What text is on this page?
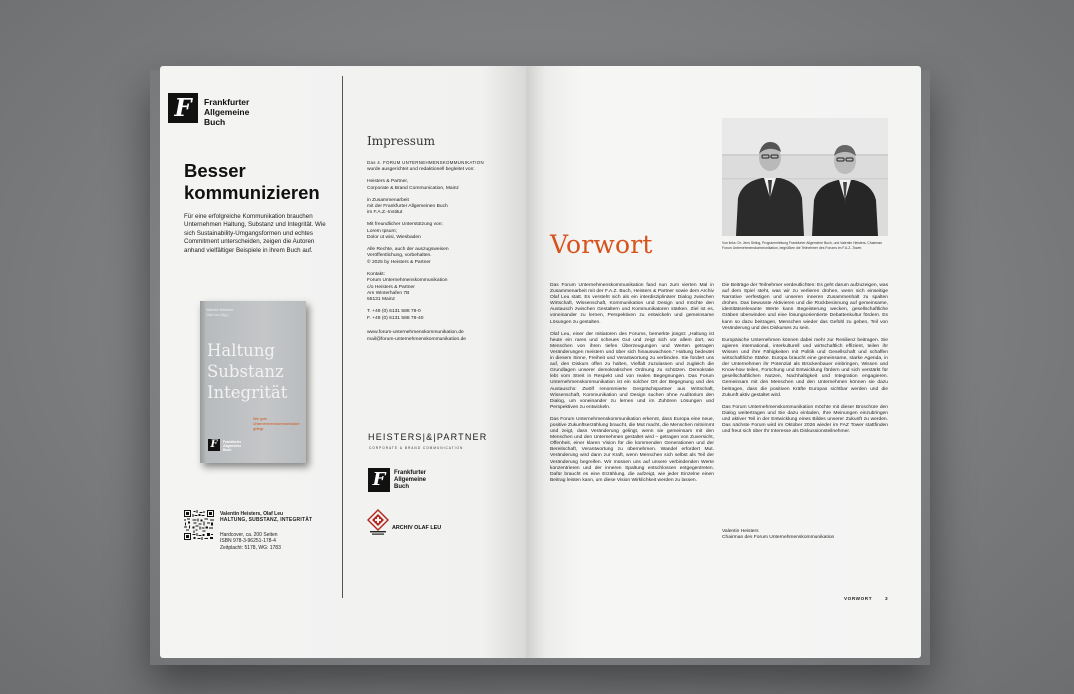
F	Frankfurter
Allgemeine
Buch
Besser
kommunizieren
Für eine erfolgreiche Kommunikation brauchen Unternehmen Haltung, Substanz und Integrität. Wie sich Sustainability-Umgangsformen und echtes Commitment unterscheiden, zeigen die Autoren anhand vielfältiger Beispiele in ihrem Buch auf.
Valentin Heisters
Olaf Leu (Hg.)
Haltung
Substanz
Integrität
Wie gute Unternehmenskommunikation gelingt
F	Frankfurter
Allgemeine
Buch
Valentin Heisters, Olaf Leu
HALTUNG, SUBSTANZ, INTEGRITÄT
Hardcover, ca. 200 Seiten
ISBN 978-3-96251-178-4
Zeitplacht: 5178, WG: 1783
Impressum

Das 4. FORUM UNTERNEHMENSKOMMUNIKATION
wurde ausgerichtet und redaktionell begleitet von:

Heisters & Partner,
Corporate & Brand Communication, Mainz

in Zusammenarbeit
mit der Frankfurter Allgemeinen Buch
im F.A.Z.-Institut

Mit freundlicher Unterstützung von:
Lorem Ipsum;
Dolor ut wisi, Wiesbaden

Alle Rechte, auch der auszugsweisen
Veröffentlichung, vorbehalten.
© 2025 by Heisters & Partner

Kontakt:
Forum Unternehmenskommunikation
c/o Heisters & Partner
Am Winterhafen 7B
55131 Mainz

T. +49 (0) 6131 588 78-0
F. +49 (0) 6131 588 78-40

www.forum-unternehmenskommunikation.de
mail@forum-unternehmenskommunikation.de

HEISTERS|&|PARTNER
CORPORATE & BRAND COMMUNICATION
F	Frankfurter
Allgemeine
Buch
ARCHIV OLAF LEU
Von links: Dr. Jens Seling, Programmleitung Frankfurter Allgemeine Buch, und Valentin Heisters, Chairman Forum Unternehmenskommunikation, begrüßten die Teilnehmer des Forums im F.A.Z.-Tower.
Vorwort

Das Forum Unternehmenskommunikation fand nun zum vierten Mal in Zusammenarbeit mit der F.A.Z. Buch, Heisters & Partner sowie dem Archiv Olaf Leu statt. Es versteht sich als ein interdisziplinärer Dialog zwischen Wirtschaft, Wissenschaft, Kommunikation und Design und möchte den Austausch zwischen Gestaltern und Kommunikatoren stärken. Ziel ist es, voneinander zu lernen, Perspektiven zu entwickeln und gemeinsame Lösungen zu gestalten.

Olaf Leu, einer der Initiatoren des Forums, bemerkte jüngst: „Haltung ist heute ein rares und scheues Gut und zeigt sich vor allem dort, wo Menschen von ihren tiefen Überzeugungen und Werten getragen Veränderungen meistern und über sich hinauswachsen.“ Haltung bedeutet in diesem Sinne, Freiheit und Verantwortung zu verbinden. Sie fordert uns auf, den Diskurs offen zu halten, Vielfalt zuzulassen und zugleich die Grundlagen unserer demokratischen Ordnung zu schützen. Demokratie lebt vom Streit in Respekt und von realen Begegnungen. Das Forum Unternehmenskommunikation ist ein solcher Ort der Begegnung und des Austauschs: Zwölf renommierte Gesprächspartner aus Wirtschaft, Wissenschaft, Kommunikation und Design suchen ohne Auditorium den Dialog, um voneinander zu lernen und im Zuhören Lösungen und Perspektiven zu entwickeln.

Das Forum Unternehmenskommunikation erkennt, dass Europa eine neue, positive Zukunftserzählung braucht, die Mut macht, die Menschen mitnimmt und zeigt, dass Veränderung gelingt, wenn sie gemeinsam mit den Menschen und den Unternehmen gestaltet wird – getragen von Zuversicht, Offenheit, einer klaren Vision für die kommenden Generationen und der Bereitschaft, Verantwortung zu übernehmen. Wandel erfordert Mut. Veränderung wird dann zur Kraft, wenn Menschen sich selbst als Teil der Veränderung begreifen. Wir müssen uns auf unsere verbindenden Werte konzentrieren und der inneren Spaltung entschlossen entgegentreten. Dafür braucht es eine Erzählung, die aufzeigt, wie jeder Einzelne einen Beitrag leisten kann, um diese Vision Wirklichkeit werden zu lassen.

Die Beiträge der Teilnehmer verdeutlichten: Es geht darum aufzuzeigen, was auf dem Spiel steht, was wir zu verlieren drohen, wenn sich einseitige Narrative verfestigen und unseren inneren Zusammenhalt zu spalten drohen. Das bewusste Aktivieren und die Rückbesinnung auf gemeinsame, identitätsrelevante Werte kann Begeisterung wecken, gesellschaftliche Gräben überwinden und eine lösungsorientierte Debattenkultur fördern. Es kann so dazu beitragen, Menschen wieder das Gefühl zu geben, Teil von Veränderung und des Diskurses zu sein.

Europäische Unternehmen können dabei mehr zur Resilienz beitragen. Sie agieren international, interkulturell und wirtschaftlich effizient, teilen ihr Wissen und ihre Fähigkeiten mit Politik und Gesellschaft und schaffen wirtschaftliche Stärke. Europa braucht eine gemeinsame, starke Agenda, in der Unternehmen ihr Potenzial als Brückenbauer einbringen, Wissen und Know-how teilen, Forschung und Entwicklung fördern und sich verstärkt für gesellschaftlichen Nutzen, Nachhaltigkeit und Integration engagieren. Gemeinsam mit den Menschen und den Unternehmen können sie dazu beitragen, dass die positiven Kräfte Europas sichtbar werden und die Zukunft aktiv gestaltet wird.

Das Forum Unternehmenskommunikation möchte mit dieser Broschüre den Dialog weitertragen und Sie dazu einladen, Ihre Meinungen einzubringen und aktiver Teil in der Entwicklung eines Bildes unserer Zukunft zu werden. Das nächste Forum wird im Oktober 2026 wieder im FAZ Tower stattfinden und freut sich über Ihr Interesse als Diskussionsteilnehmer.

Valentin Heisters
Chairman des Forum Unternehmenskommunikation
VORWORT	3
